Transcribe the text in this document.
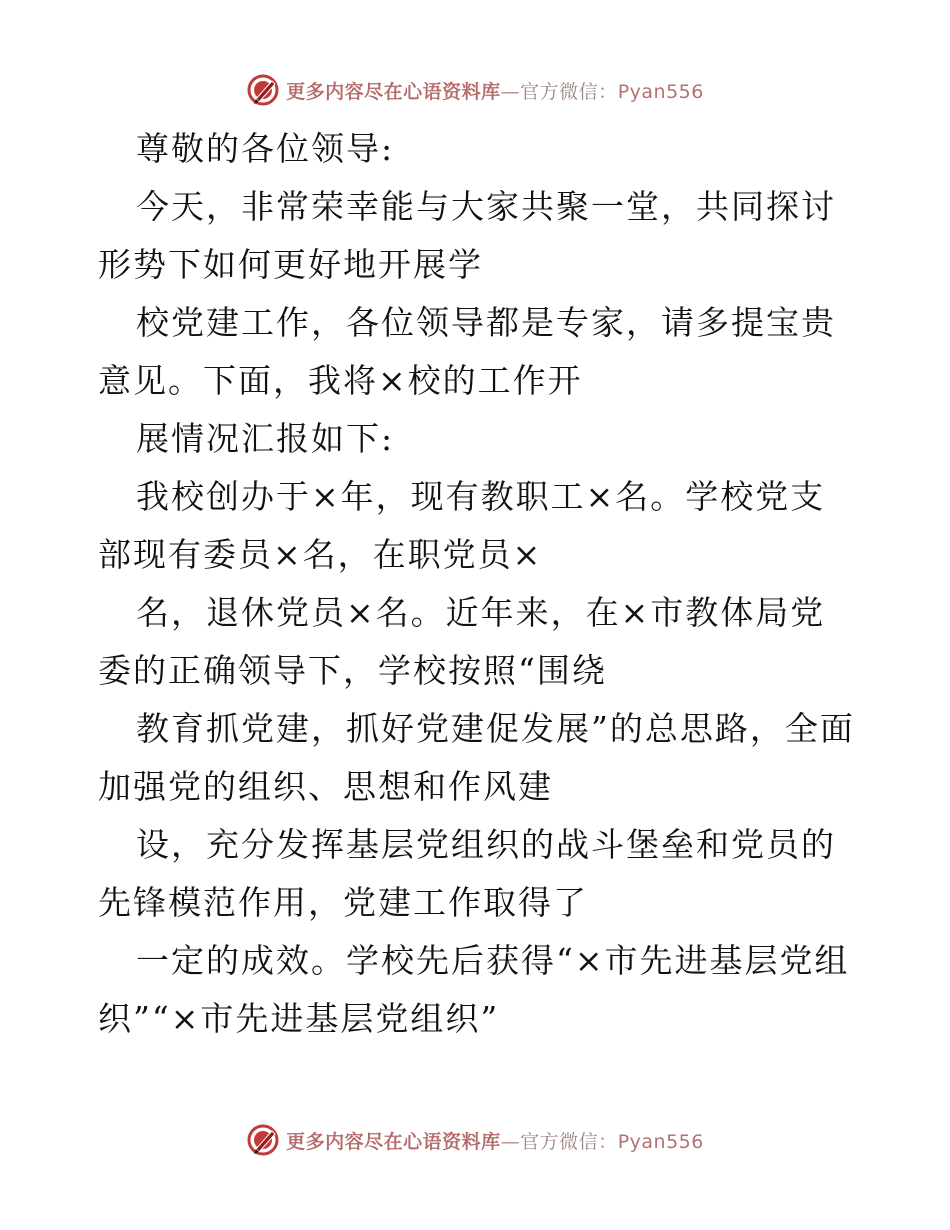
更多内容尽在心语资料库—官方微信：Pyan556

尊敬的各位领导:

今天，非常荣幸能与大家共聚一堂，共同探讨形势下如何更好地开展学

校党建工作，各位领导都是专家，请多提宝贵意见。下面，我将×校的工作开

展情况汇报如下:

我校创办于×年，现有教职工×名。学校党支部现有委员×名，在职党员×

名，退休党员×名。近年来，在×市教体局党委的正确领导下，学校按照“围绕

教育抓党建，抓好党建促发展”的总思路，全面加强党的组织、思想和作风建

设，充分发挥基层党组织的战斗堡垒和党员的先锋模范作用，党建工作取得了

一定的成效。学校先后获得“×市先进基层党组织”“×市先进基层党组织”

更多内容尽在心语资料库—官方微信：Pyan556
